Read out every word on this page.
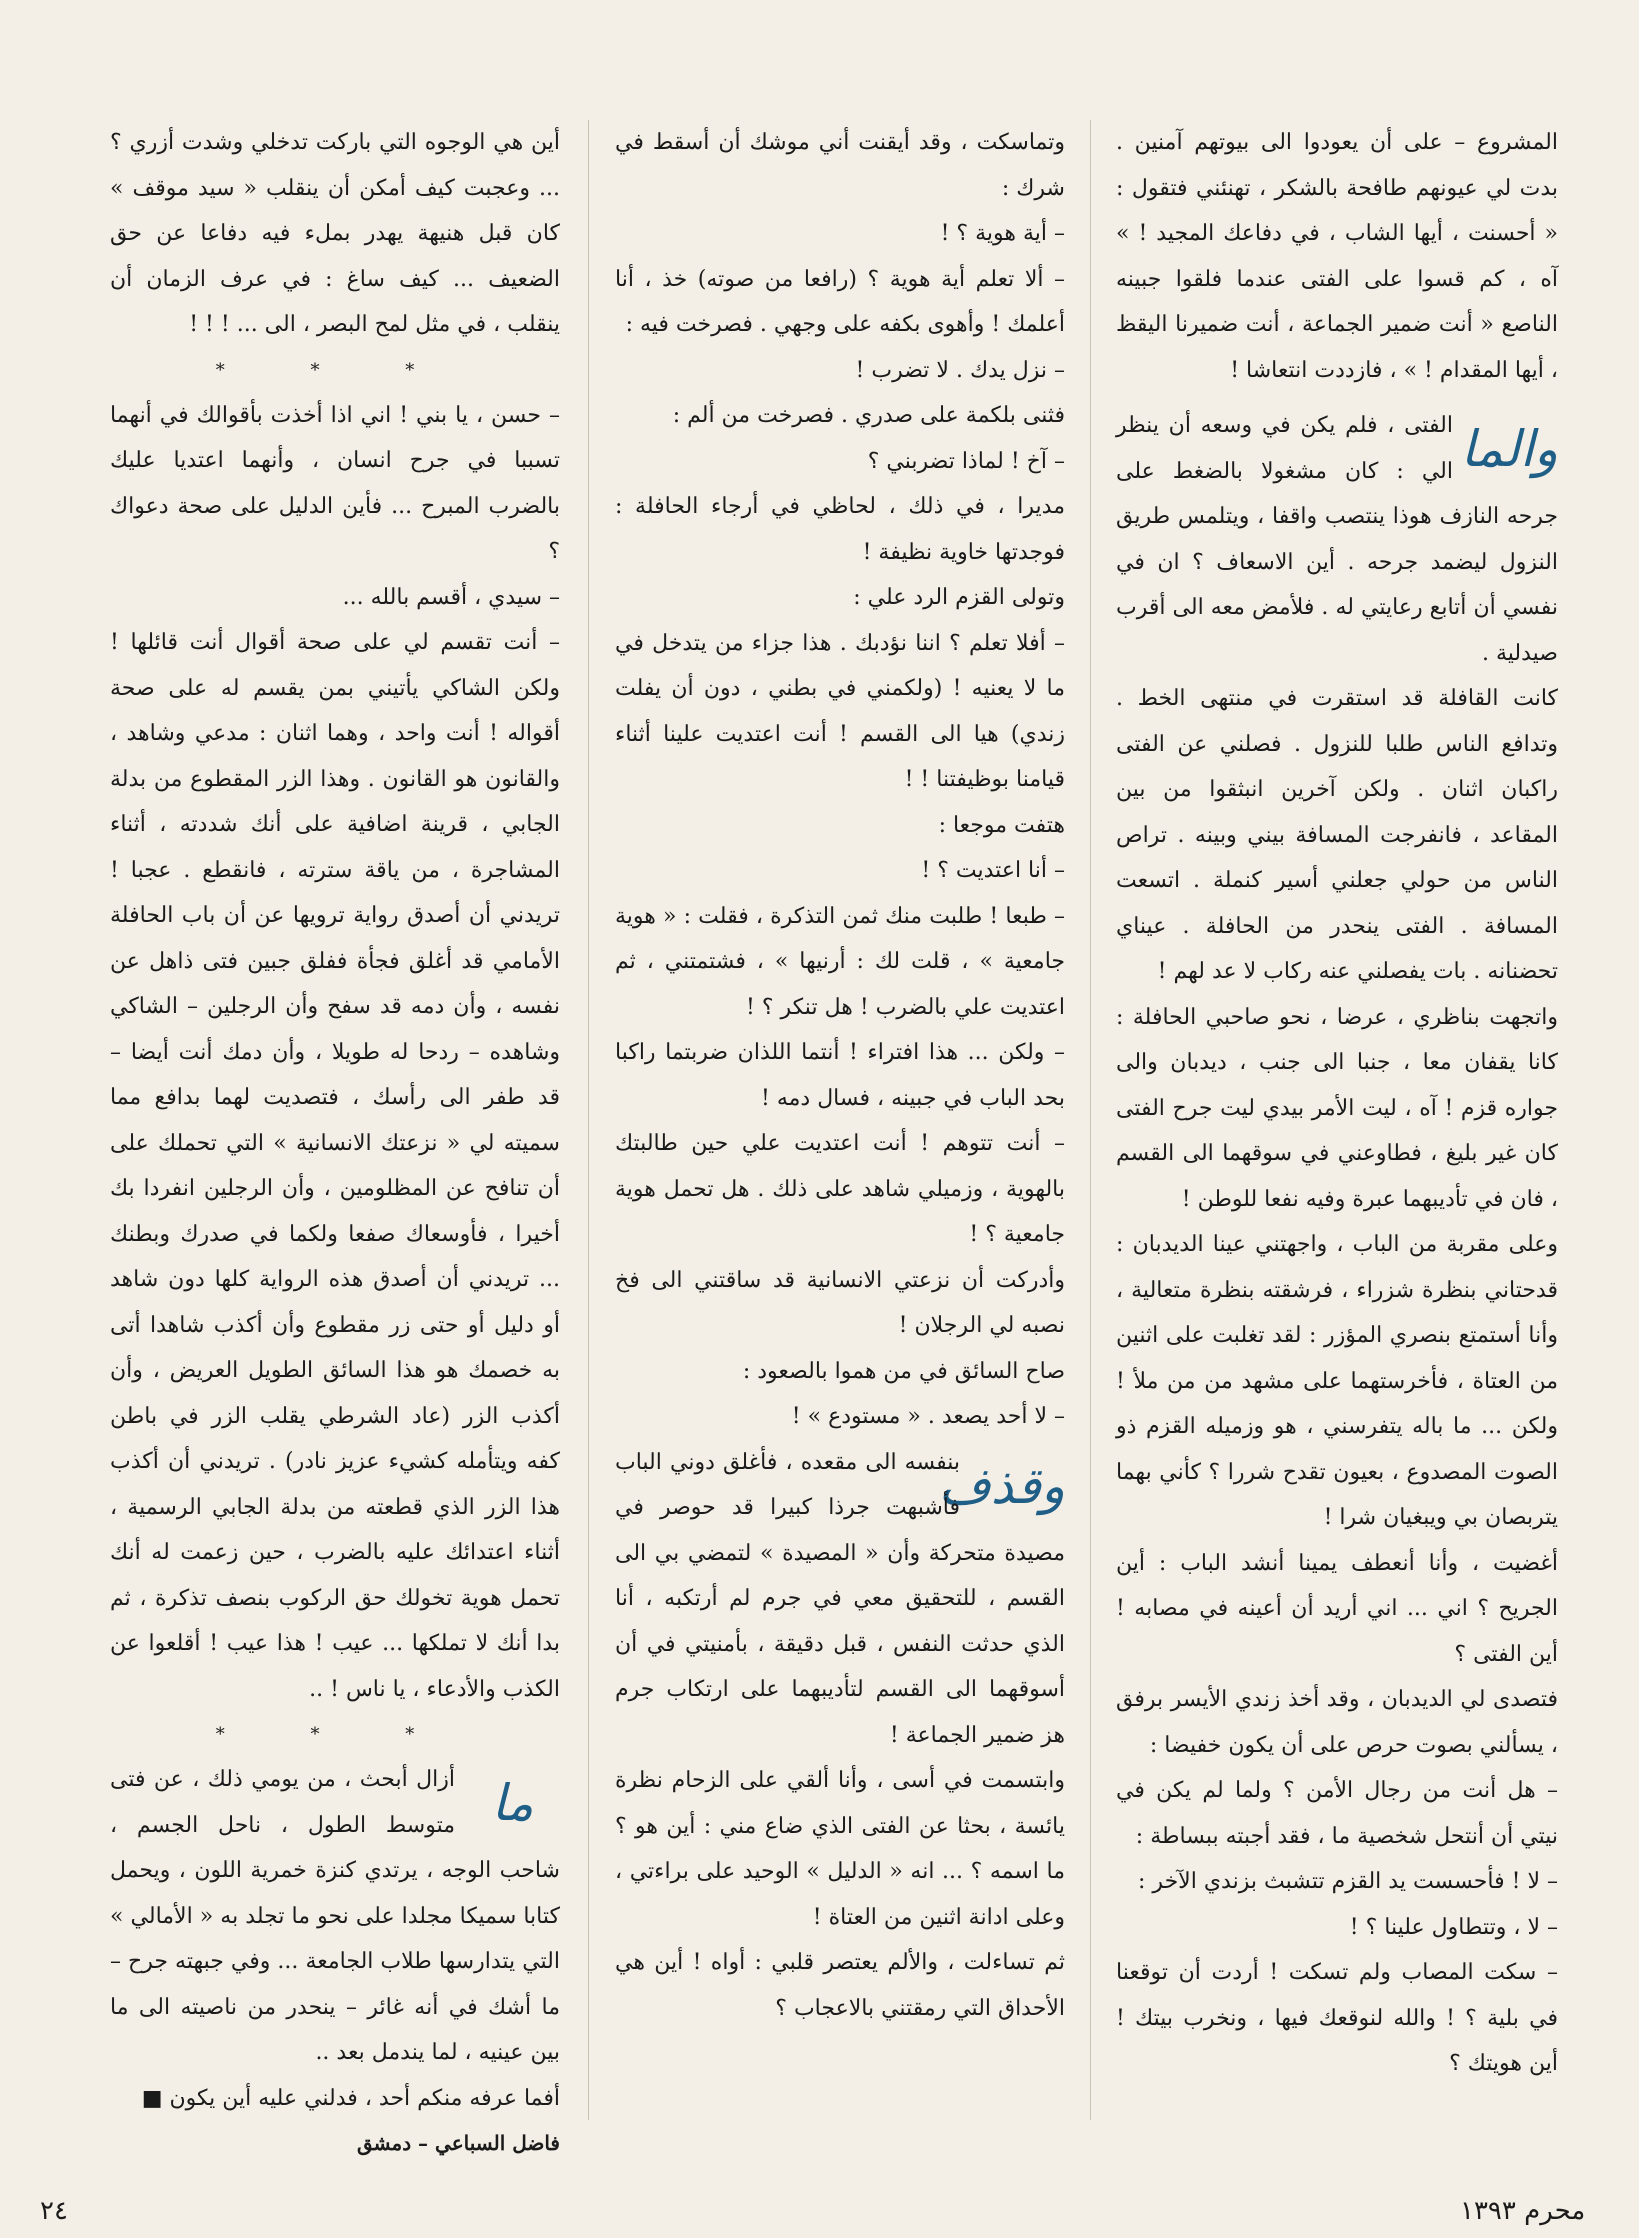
المشروع – على أن يعودوا الى بيوتهم آمنين . بدت لي عيونهم طافحة بالشكر ، تهنئني فتقول : « أحسنت ، أيها الشاب ، في دفاعك المجيد ! » آه ، كم قسوا على الفتى عندما فلقوا جبينه الناصع « أنت ضمير الجماعة ، أنت ضميرنا اليقظ ، أيها المقدام ! » ، فازددت انتعاشا !

والما

الفتى ، فلم يكن في وسعه أن ينظر الي : كان مشغولا بالضغط على جرحه النازف هوذا ينتصب واقفا ، ويتلمس طريق النزول ليضمد جرحه . أين الاسعاف ؟ ان في نفسي أن أتابع رعايتي له . فلأمض معه الى أقرب صيدلية .

كانت القافلة قد استقرت في منتهى الخط . وتدافع الناس طلبا للنزول . فصلني عن الفتى راكبان اثنان . ولكن آخرين انبثقوا من بين المقاعد ، فانفرجت المسافة بيني وبينه . تراص الناس من حولي جعلني أسير كنملة . اتسعت المسافة . الفتى ينحدر من الحافلة . عيناي تحضنانه . بات يفصلني عنه ركاب لا عد لهم !

واتجهت بناظري ، عرضا ، نحو صاحبي الحافلة : كانا يقفان معا ، جنبا الى جنب ، ديدبان والى جواره قزم ! آه ، ليت الأمر بيدي ليت جرح الفتى كان غير بليغ ، فطاوعني في سوقهما الى القسم ، فان في تأديبهما عبرة وفيه نفعا للوطن !

وعلى مقربة من الباب ، واجهتني عينا الديدبان : قدحتاني بنظرة شزراء ، فرشقته بنظرة متعالية ، وأنا أستمتع بنصري المؤزر : لقد تغلبت على اثنين من العتاة ، فأخرستهما على مشهد من من ملأ ! ولكن ... ما باله يتفرسني ، هو وزميله القزم ذو الصوت المصدوع ، بعيون تقدح شررا ؟ كأني بهما يتربصان بي ويبغيان شرا !

أغضيت ، وأنا أنعطف يمينا أنشد الباب : أين الجريح ؟ اني ... اني أريد أن أعينه في مصابه ! أين الفتى ؟

فتصدى لي الديدبان ، وقد أخذ زندي الأيسر برفق ، يسألني بصوت حرص على أن يكون خفيضا :

– هل أنت من رجال الأمن ؟ ولما لم يكن في نيتي أن أنتحل شخصية ما ، فقد أجبته ببساطة :

– لا ! فأحسست يد القزم تتشبث بزندي الآخر :

– لا ، وتتطاول علينا ؟ !

– سكت المصاب ولم تسكت ! أردت أن توقعنا في بلية ؟ ! والله لنوقعك فيها ، ونخرب بيتك ! أين هويتك ؟

وتماسكت ، وقد أيقنت أني موشك أن أسقط في شرك :

– أية هوية ؟ !

– ألا تعلم أية هوية ؟ (رافعا من صوته) خذ ، أنا أعلمك ! وأهوى بكفه على وجهي . فصرخت فيه :

– نزل يدك . لا تضرب !

فثنى بلكمة على صدري . فصرخت من ألم :

– آخ ! لماذا تضربني ؟

مديرا ، في ذلك ، لحاظي في أرجاء الحافلة : فوجدتها خاوية نظيفة !

وتولى القزم الرد علي :

– أفلا تعلم ؟ اننا نؤدبك . هذا جزاء من يتدخل في ما لا يعنيه ! (ولكمني في بطني ، دون أن يفلت زندي) هيا الى القسم ! أنت اعتديت علينا أثناء قيامنا بوظيفتنا ! !

هتفت موجعا :

– أنا اعتديت ؟ !

– طبعا ! طلبت منك ثمن التذكرة ، فقلت : « هوية جامعية » ، قلت لك : أرنيها » ، فشتمتني ، ثم اعتديت علي بالضرب ! هل تنكر ؟ !

– ولكن ... هذا افتراء ! أنتما اللذان ضربتما راكبا بحد الباب في جبينه ، فسال دمه !

– أنت تتوهم ! أنت اعتديت علي حين طالبتك بالهوية ، وزميلي شاهد على ذلك . هل تحمل هوية جامعية ؟ !

وأدركت أن نزعتي الانسانية قد ساقتني الى فخ نصبه لي الرجلان !

صاح السائق في من هموا بالصعود :

– لا أحد يصعد . « مستودع » !

وقذف

بنفسه الى مقعده ، فأغلق دوني الباب فأشبهت جرذا كبيرا قد حوصر في مصيدة متحركة وأن « المصيدة » لتمضي بي الى القسم ، للتحقيق معي في جرم لم أرتكبه ، أنا الذي حدثت النفس ، قبل دقيقة ، بأمنيتي في أن أسوقهما الى القسم لتأديبهما على ارتكاب جرم هز ضمير الجماعة !

وابتسمت في أسى ، وأنا ألقي على الزحام نظرة يائسة ، بحثا عن الفتى الذي ضاع مني : أين هو ؟ ما اسمه ؟ ... انه « الدليل » الوحيد على براءتي ، وعلى ادانة اثنين من العتاة !

ثم تساءلت ، والألم يعتصر قلبي : أواه ! أين هي الأحداق التي رمقتني بالاعجاب ؟

أين هي الوجوه التي باركت تدخلي وشدت أزري ؟ ... وعجبت كيف أمكن أن ينقلب « سيد موقف » كان قبل هنيهة يهدر بملء فيه دفاعا عن حق الضعيف ... كيف ساغ : في عرف الزمان أن ينقلب ، في مثل لمح البصر ، الى ... ! ! !

* * *

– حسن ، يا بني ! اني اذا أخذت بأقوالك في أنهما تسببا في جرح انسان ، وأنهما اعتديا عليك بالضرب المبرح ... فأين الدليل على صحة دعواك ؟

– سيدي ، أقسم بالله ...

– أنت تقسم لي على صحة أقوال أنت قائلها ! ولكن الشاكي يأتيني بمن يقسم له على صحة أقواله ! أنت واحد ، وهما اثنان : مدعي وشاهد ، والقانون هو القانون . وهذا الزر المقطوع من بدلة الجابي ، قرينة اضافية على أنك شددته ، أثناء المشاجرة ، من ياقة سترته ، فانقطع . عجبا ! تريدني أن أصدق رواية ترويها عن أن باب الحافلة الأمامي قد أغلق فجأة ففلق جبين فتى ذاهل عن نفسه ، وأن دمه قد سفح وأن الرجلين – الشاكي وشاهده – ردحا له طويلا ، وأن دمك أنت أيضا – قد طفر الى رأسك ، فتصديت لهما بدافع مما سميته لي « نزعتك الانسانية » التي تحملك على أن تنافح عن المظلومين ، وأن الرجلين انفردا بك أخيرا ، فأوسعاك صفعا ولكما في صدرك وبطنك ... تريدني أن أصدق هذه الرواية كلها دون شاهد أو دليل أو حتى زر مقطوع وأن أكذب شاهدا أتى به خصمك هو هذا السائق الطويل العريض ، وأن أكذب الزر (عاد الشرطي يقلب الزر في باطن كفه ويتأمله كشيء عزيز نادر) . تريدني أن أكذب هذا الزر الذي قطعته من بدلة الجابي الرسمية ، أثناء اعتدائك عليه بالضرب ، حين زعمت له أنك تحمل هوية تخولك حق الركوب بنصف تذكرة ، ثم بدا أنك لا تملكها ... عيب ! هذا عيب ! أقلعوا عن الكذب والأدعاء ، يا ناس ! ..

* * *

ما

أزال أبحث ، من يومي ذلك ، عن فتى متوسط الطول ، ناحل الجسم ، شاحب الوجه ، يرتدي كنزة خمرية اللون ، ويحمل كتابا سميكا مجلدا على نحو ما تجلد به « الأمالي » التي يتدارسها طلاب الجامعة ... وفي جبهته جرح – ما أشك في أنه غائر – ينحدر من ناصيته الى ما بين عينيه ، لما يندمل بعد ..

أفما عرفه منكم أحد ، فدلني عليه أين يكون ■

فاضل السباعي – دمشق

٢٤	محرم ١٣٩٣
